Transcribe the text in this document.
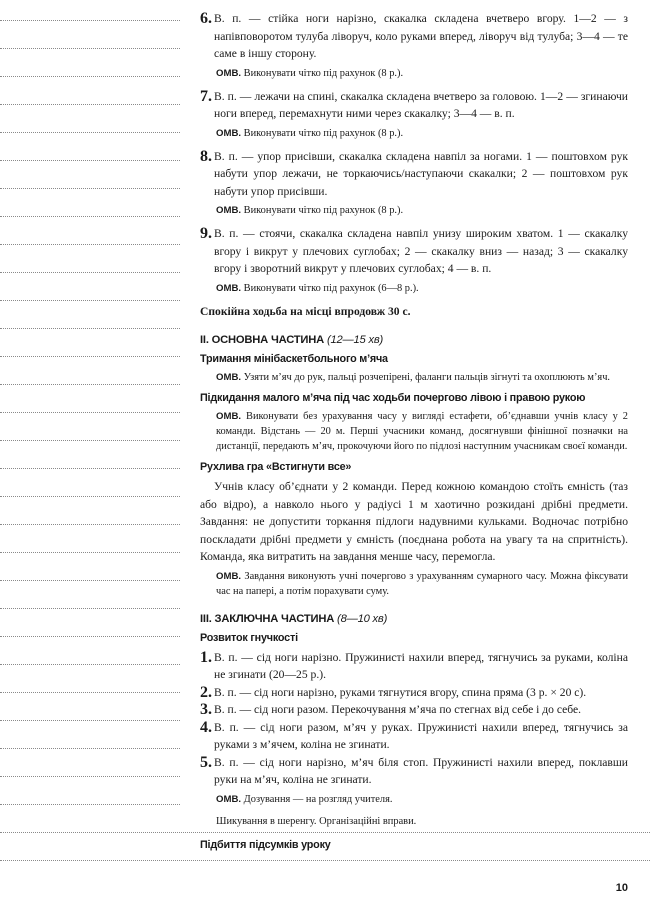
6. В. п. — стійка ноги нарізно, скакалка складена вчетверо вгору. 1—2 — з напівповоротом тулуба ліворуч, коло руками вперед, ліворуч від тулуба; 3—4 — те саме в іншу сторону.

ОМВ. Виконувати чітко під рахунок (8 р.).

7. В. п. — лежачи на спині, скакалка складена вчетверо за головою. 1—2 — згинаючи ноги вперед, перемахнути ними через скакалку; 3—4 — в. п.

ОМВ. Виконувати чітко під рахунок (8 р.).

8. В. п. — упор присівши, скакалка складена навпіл за ногами. 1 — поштовхом рук набути упор лежачи, не торкаючись/наступаючи скакалки; 2 — поштовхом рук набути упор присівши.

ОМВ. Виконувати чітко під рахунок (8 р.).

9. В. п. — стоячи, скакалка складена навпіл унизу широким хватом. 1 — скакалку вгору і викрут у плечових суглобах; 2 — скакалку вниз — назад; 3 — скакалку вгору і зворотний викрут у плечових суглобах; 4 — в. п.

ОМВ. Виконувати чітко під рахунок (6—8 р.).

Спокійна ходьба на місці впродовж 30 с.

II. ОСНОВНА ЧАСТИНА (12—15 хв)
Тримання мінібаскетбольного м’яча

ОМВ. Узяти м’яч до рук, пальці розчепірені, фаланги пальців зігнуті та охоплюють м’яч.

Підкидання малого м’яча під час ходьби почергово лівою і правою рукою

ОМВ. Виконувати без урахування часу у вигляді естафети, об’єднавши учнів класу у 2 команди. Відстань — 20 м. Перші учасники команд, досягнувши фінішної позначки на дистанції, передають м’яч, прокочуючи його по підлозі наступним учасникам своєї команди.

Рухлива гра «Встигнути все»

Учнів класу об’єднати у 2 команди. Перед кожною командою стоїть ємність (таз або відро), а навколо нього у радіусі 1 м хаотично розкидані дрібні предмети. Завдання: не допустити торкання підлоги надувними кульками. Водночас потрібно поскладати дрібні предмети у ємність (поєднана робота на увагу та на спритність). Команда, яка витратить на завдання менше часу, перемогла.

ОМВ. Завдання виконують учні почергово з урахуванням сумарного часу. Можна фіксувати час на папері, а потім порахувати суму.

III. ЗАКЛЮЧНА ЧАСТИНА (8—10 хв)
Розвиток гнучкості
1. В. п. — сід ноги нарізно. Пружинисті нахили вперед, тягнучись за руками, коліна не згинати (20—25 р.).

2. В. п. — сід ноги нарізно, руками тягнутися вгору, спина пряма (3 р. × 20 с).

3. В. п. — сід ноги разом. Перекочування м’яча по стегнах від себе і до себе.

4. В. п. — сід ноги разом, м’яч у руках. Пружинисті нахили вперед, тягнучись за руками з м’ячем, коліна не згинати.

5. В. п. — сід ноги нарізно, м’яч біля стоп. Пружинисті нахили вперед, поклавши руки на м’яч, коліна не згинати.

ОМВ. Дозування — на розгляд учителя.

Шикування в шеренгу. Організаційні вправи.

Підбиття підсумків уроку
10
